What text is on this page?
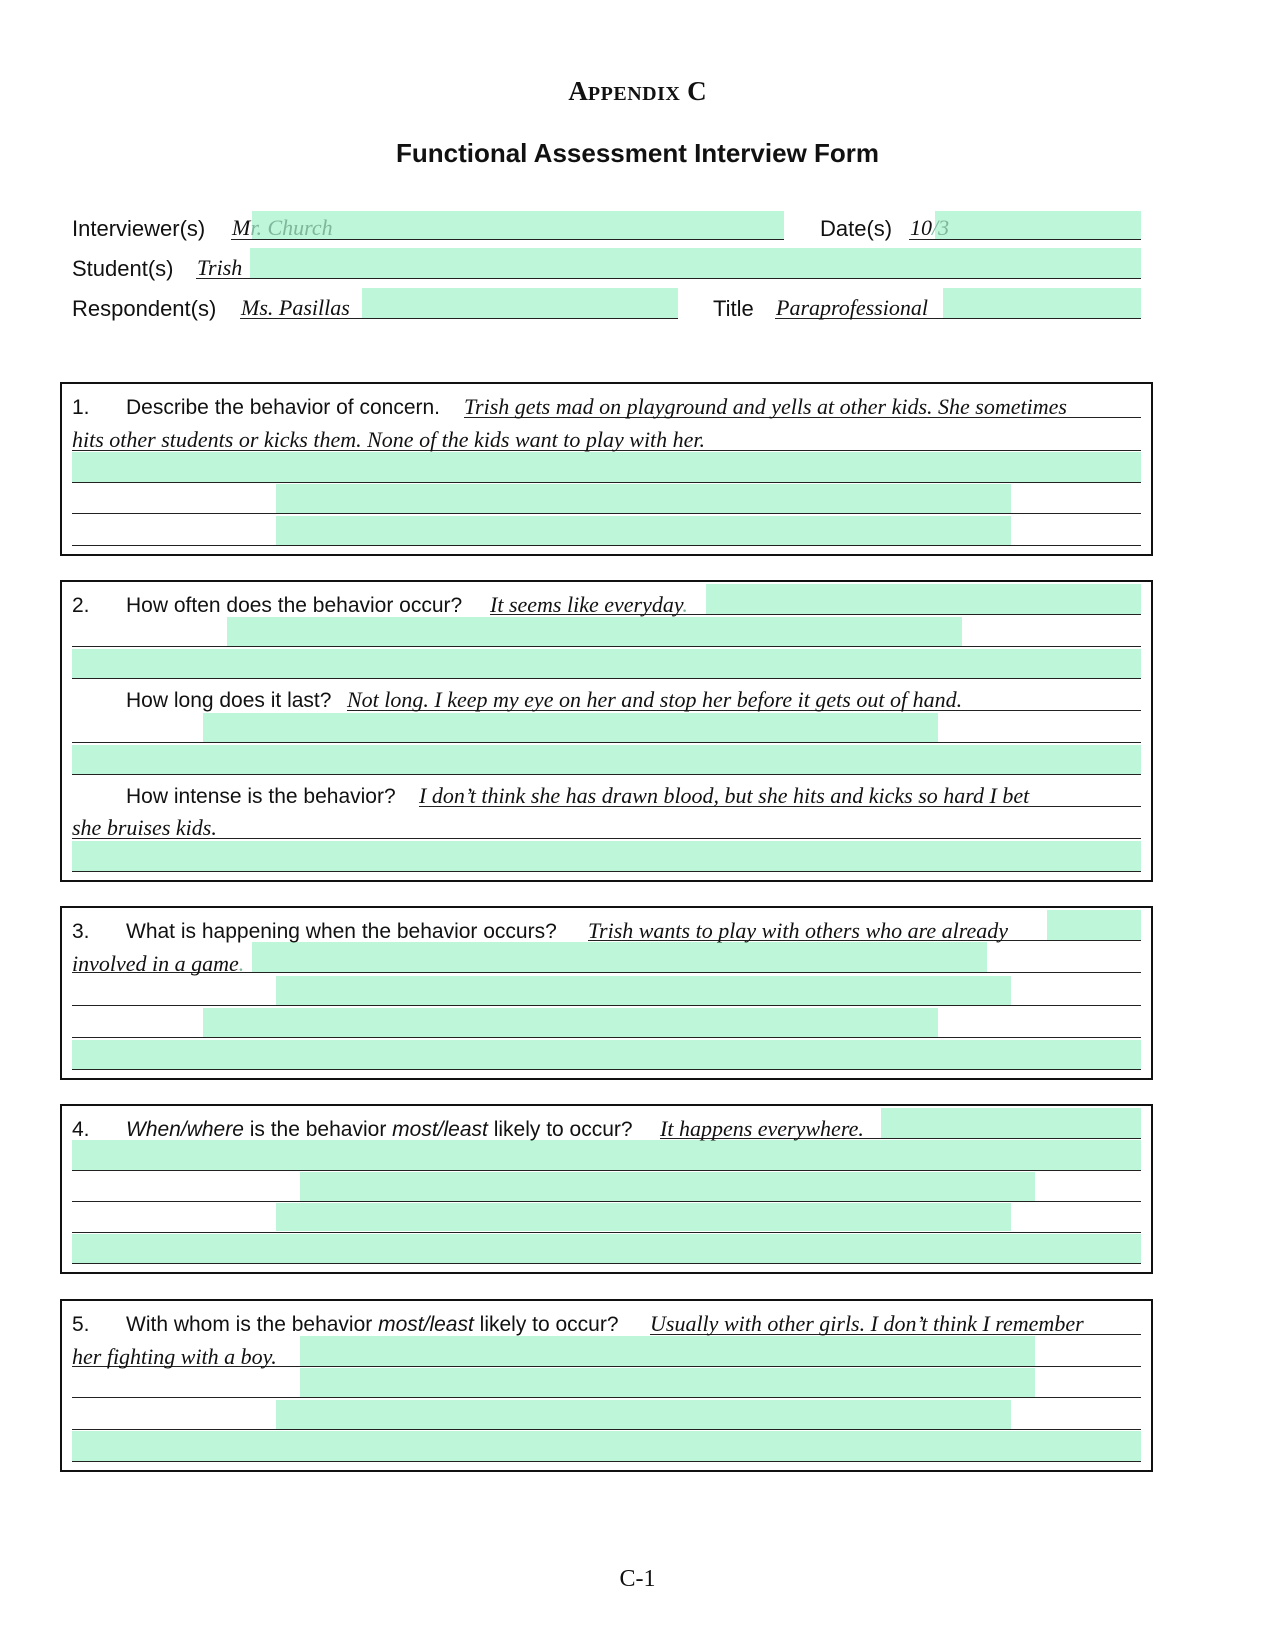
APPENDIX C
Functional Assessment Interview Form
Interviewer(s) Mr. Church	Date(s) 10/3
Student(s) Trish
Respondent(s) Ms. Pasillas	Title Paraprofessional
1. Describe the behavior of concern. Trish gets mad on playground and yells at other kids. She sometimes
hits other students or kicks them. None of the kids want to play with her.
2. How often does the behavior occur? It seems like everyday.
How long does it last? Not long. I keep my eye on her and stop her before it gets out of hand.
How intense is the behavior? I don’t think she has drawn blood, but she hits and kicks so hard I bet
she bruises kids.
3. What is happening when the behavior occurs? Trish wants to play with others who are already
involved in a game.
4. When/where is the behavior most/least likely to occur? It happens everywhere.
5. With whom is the behavior most/least likely to occur? Usually with other girls. I don’t think I remember
her fighting with a boy.
C-1
